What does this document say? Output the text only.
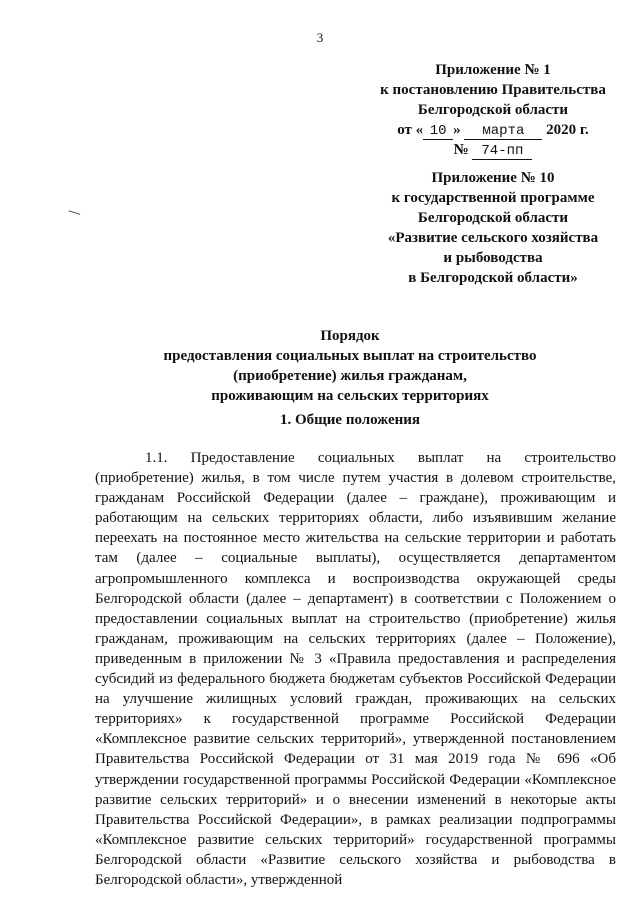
3
Приложение № 1
к постановлению Правительства
Белгородской области
от « 10 » марта 2020 г.
№ 74-пп
Приложение № 10
к государственной программе
Белгородской области
«Развитие сельского хозяйства
и рыбоводства
в Белгородской области»
Порядок
предоставления социальных выплат на строительство
(приобретение) жилья гражданам,
проживающим на сельских территориях
1. Общие положения

1.1. Предоставление социальных выплат на строительство (приобретение) жилья, в том числе путем участия в долевом строительстве, гражданам Российской Федерации (далее – граждане), проживающим и работающим на сельских территориях области, либо изъявившим желание переехать на постоянное место жительства на сельские территории и работать там (далее – социальные выплаты), осуществляется департаментом агропромышленного комплекса и воспроизводства окружающей среды Белгородской области (далее – департамент) в соответствии с Положением о предоставлении социальных выплат на строительство (приобретение) жилья гражданам, проживающим на сельских территориях (далее – Положение), приведенным в приложении № 3 «Правила предоставления и распределения субсидий из федерального бюджета бюджетам субъектов Российской Федерации на улучшение жилищных условий граждан, проживающих на сельских территориях» к государственной программе Российской Федерации «Комплексное развитие сельских территорий», утвержденной постановлением Правительства Российской Федерации от 31 мая 2019 года № 696 «Об утверждении государственной программы Российской Федерации «Комплексное развитие сельских территорий» и о внесении изменений в некоторые акты Правительства Российской Федерации», в рамках реализации подпрограммы «Комплексное развитие сельских территорий» государственной программы Белгородской области «Развитие сельского хозяйства и рыбоводства в Белгородской области», утвержденной
